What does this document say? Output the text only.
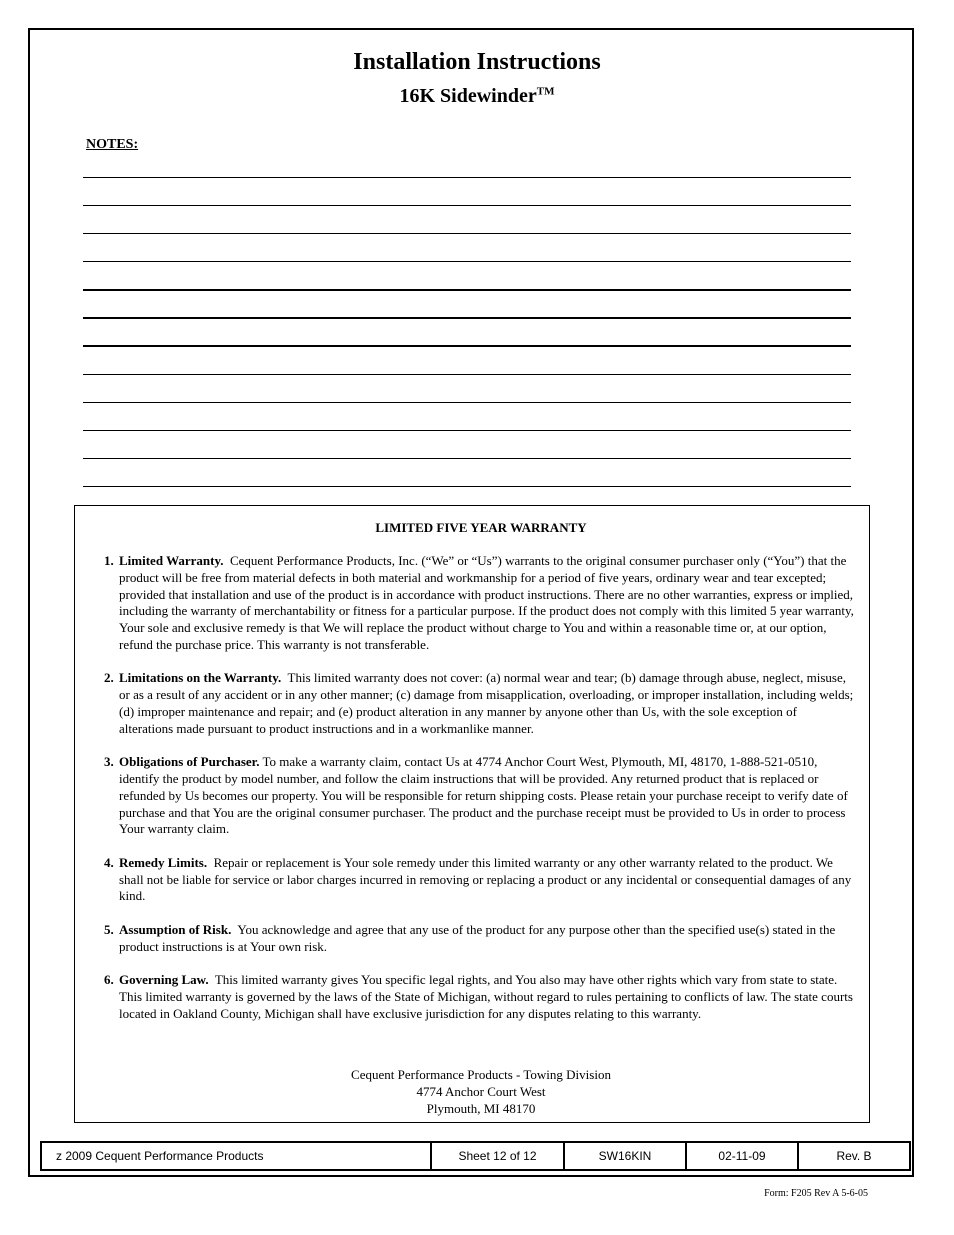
Installation Instructions
16K Sidewinder™
NOTES:
LIMITED FIVE YEAR WARRANTY
1. Limited Warranty. Cequent Performance Products, Inc. (“We” or “Us”) warrants to the original consumer purchaser only (“You”) that the product will be free from material defects in both material and workmanship for a period of five years, ordinary wear and tear excepted; provided that installation and use of the product is in accordance with product instructions. There are no other warranties, express or implied, including the warranty of merchantability or fitness for a particular purpose. If the product does not comply with this limited 5 year warranty, Your sole and exclusive remedy is that We will replace the product without charge to You and within a reasonable time or, at our option, refund the purchase price. This warranty is not transferable.
2. Limitations on the Warranty. This limited warranty does not cover: (a) normal wear and tear; (b) damage through abuse, neglect, misuse, or as a result of any accident or in any other manner; (c) damage from misapplication, overloading, or improper installation, including welds; (d) improper maintenance and repair; and (e) product alteration in any manner by anyone other than Us, with the sole exception of alterations made pursuant to product instructions and in a workmanlike manner.
3. Obligations of Purchaser. To make a warranty claim, contact Us at 4774 Anchor Court West, Plymouth, MI, 48170, 1-888-521-0510, identify the product by model number, and follow the claim instructions that will be provided. Any returned product that is replaced or refunded by Us becomes our property. You will be responsible for return shipping costs. Please retain your purchase receipt to verify date of purchase and that You are the original consumer purchaser. The product and the purchase receipt must be provided to Us in order to process Your warranty claim.
4. Remedy Limits. Repair or replacement is Your sole remedy under this limited warranty or any other warranty related to the product. We shall not be liable for service or labor charges incurred in removing or replacing a product or any incidental or consequential damages of any kind.
5. Assumption of Risk. You acknowledge and agree that any use of the product for any purpose other than the specified use(s) stated in the product instructions is at Your own risk.
6. Governing Law. This limited warranty gives You specific legal rights, and You also may have other rights which vary from state to state. This limited warranty is governed by the laws of the State of Michigan, without regard to rules pertaining to conflicts of law. The state courts located in Oakland County, Michigan shall have exclusive jurisdiction for any disputes relating to this warranty.
Cequent Performance Products - Towing Division
4774 Anchor Court West
Plymouth, MI 48170
z 2009 Cequent Performance Products	Sheet 12 of 12	SW16KIN	02-11-09	Rev. B
Form: F205 Rev A 5-6-05
